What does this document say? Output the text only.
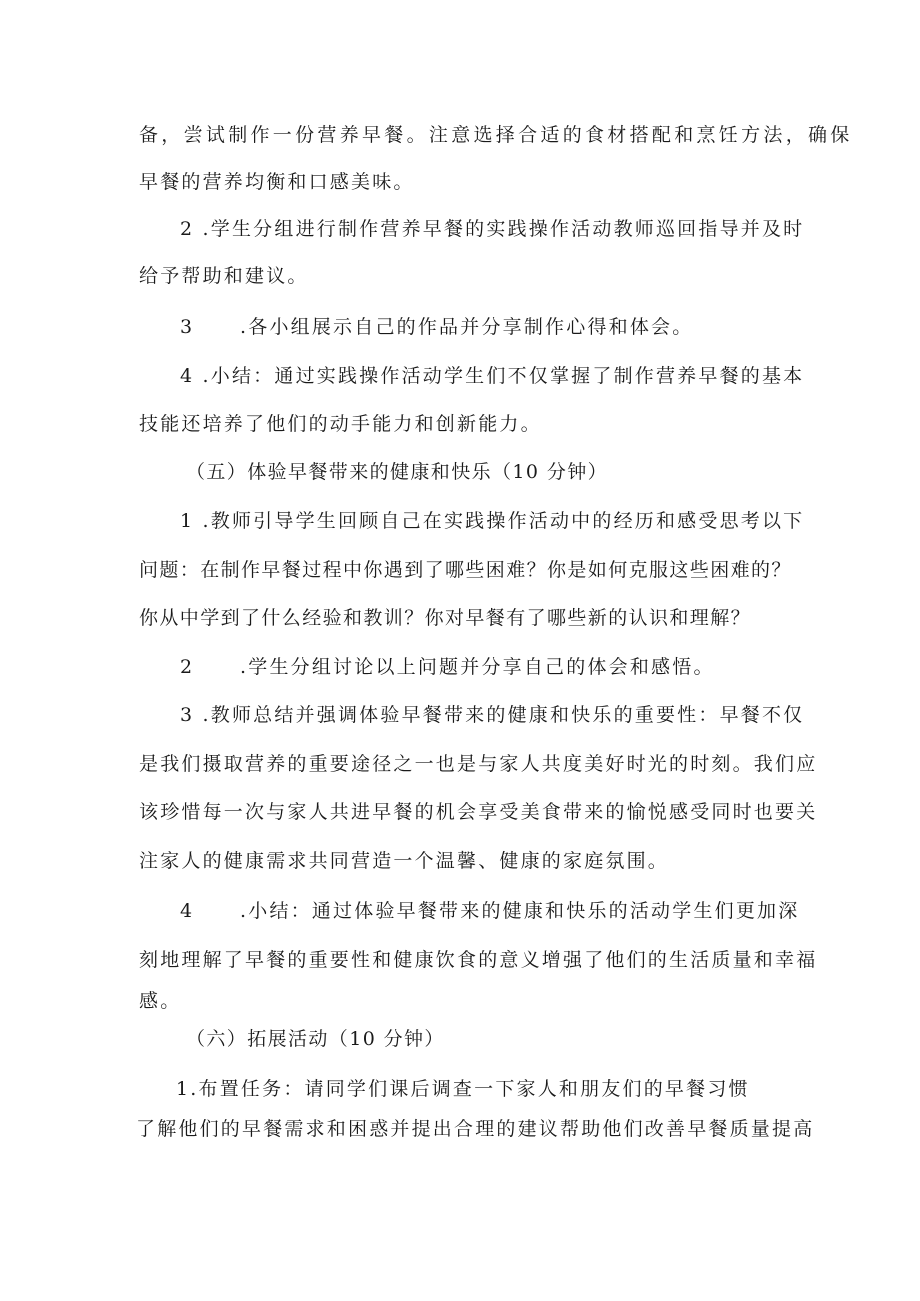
备，尝试制作一份营养早餐。注意选择合适的食材搭配和烹饪方法，确保
早餐的营养均衡和口感美味。
2 .学生分组进行制作营养早餐的实践操作活动教师巡回指导并及时
给予帮助和建议。
3 .各小组展示自己的作品并分享制作心得和体会。
4 .小结：通过实践操作活动学生们不仅掌握了制作营养早餐的基本
技能还培养了他们的动手能力和创新能力。
（五）体验早餐带来的健康和快乐（10 分钟）
1 .教师引导学生回顾自己在实践操作活动中的经历和感受思考以下
问题：在制作早餐过程中你遇到了哪些困难？你是如何克服这些困难的？
你从中学到了什么经验和教训？你对早餐有了哪些新的认识和理解？
2 .学生分组讨论以上问题并分享自己的体会和感悟。
3 .教师总结并强调体验早餐带来的健康和快乐的重要性：早餐不仅
是我们摄取营养的重要途径之一也是与家人共度美好时光的时刻。我们应
该珍惜每一次与家人共进早餐的机会享受美食带来的愉悦感受同时也要关
注家人的健康需求共同营造一个温馨、健康的家庭氛围。
4 .小结：通过体验早餐带来的健康和快乐的活动学生们更加深
刻地理解了早餐的重要性和健康饮食的意义增强了他们的生活质量和幸福
感。
（六）拓展活动（10 分钟）
1.布置任务：请同学们课后调查一下家人和朋友们的早餐习惯
了解他们的早餐需求和困惑并提出合理的建议帮助他们改善早餐质量提高
